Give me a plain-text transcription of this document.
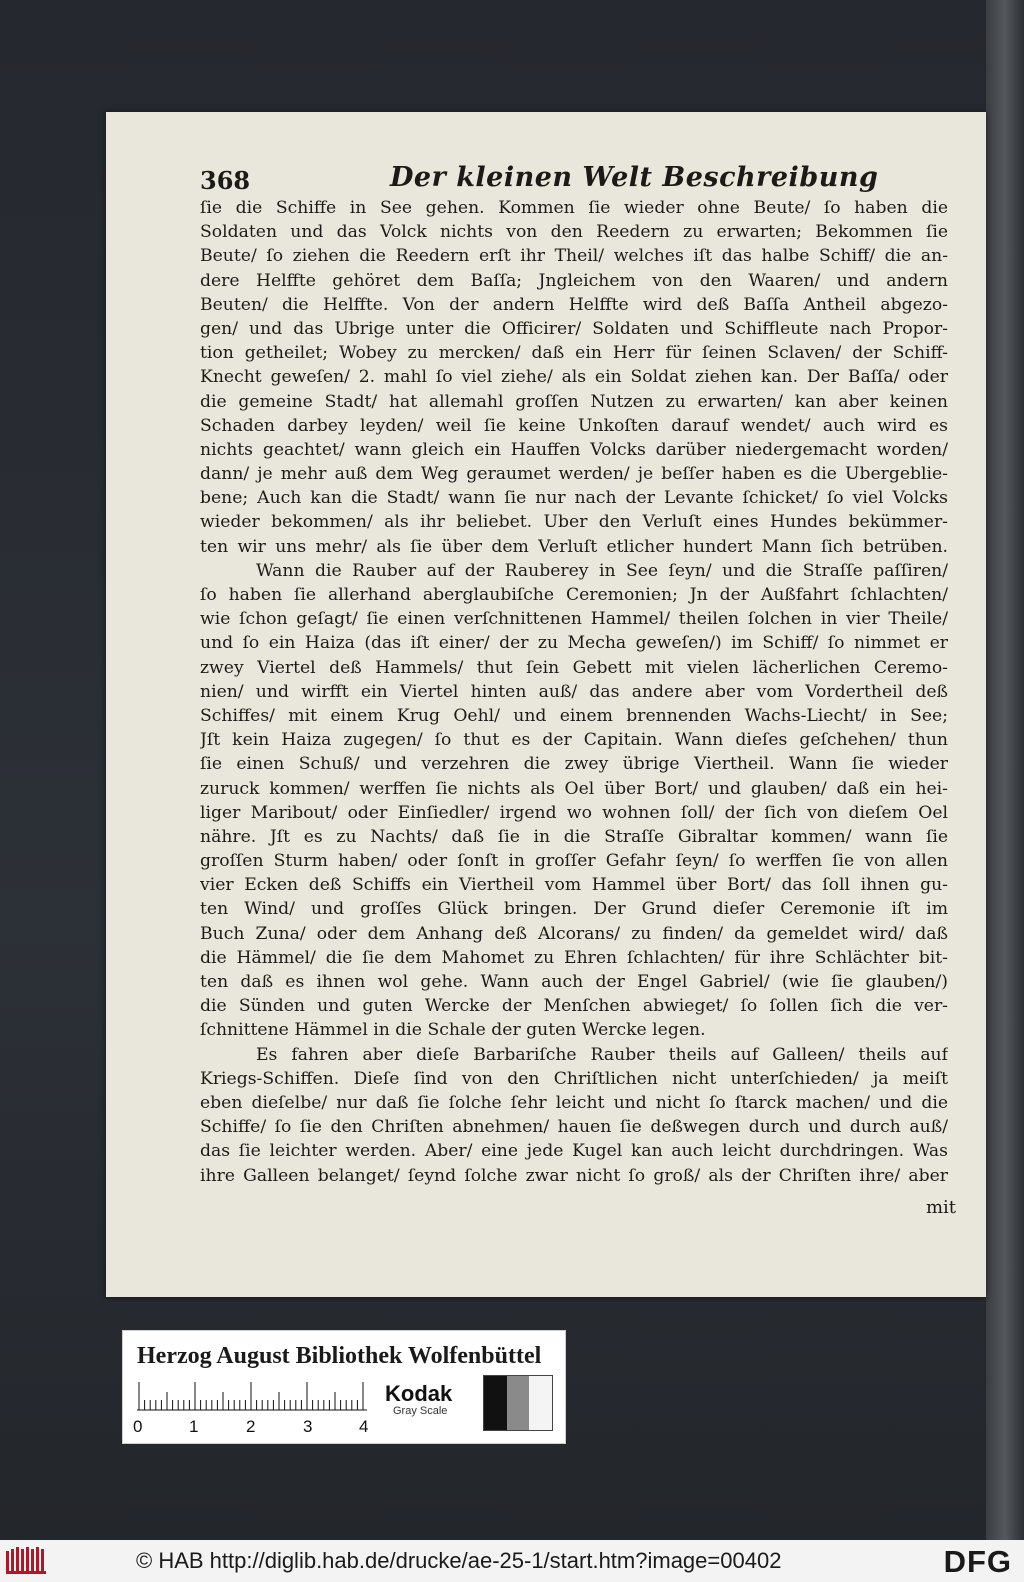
368	Der kleinen Welt Beschreibung
ſie die Schiffe in See gehen. Kommen ſie wieder ohne Beute/ ſo haben die
Soldaten und das Volck nichts von den Reedern zu erwarten; Bekommen ſie
Beute/ ſo ziehen die Reedern erſt ihr Theil/ welches iſt das halbe Schiff/ die an-
dere Helffte gehöret dem Baſſa; Jngleichem von den Waaren/ und andern
Beuten/ die Helffte. Von der andern Helffte wird deß Baſſa Antheil abgezo-
gen/ und das Ubrige unter die Officirer/ Soldaten und Schiffleute nach Propor-
tion getheilet; Wobey zu mercken/ daß ein Herr für ſeinen Sclaven/ der Schiff-
Knecht geweſen/ 2. mahl ſo viel ziehe/ als ein Soldat ziehen kan. Der Baſſa/ oder
die gemeine Stadt/ hat allemahl groſſen Nutzen zu erwarten/ kan aber keinen
Schaden darbey leyden/ weil ſie keine Unkoſten darauf wendet/ auch wird es
nichts geachtet/ wann gleich ein Hauffen Volcks darüber niedergemacht worden/
dann/ je mehr auß dem Weg geraumet werden/ je beſſer haben es die Ubergeblie-
bene; Auch kan die Stadt/ wann ſie nur nach der Levante ſchicket/ ſo viel Volcks
wieder bekommen/ als ihr beliebet. Uber den Verluſt eines Hundes bekümmer-
ten wir uns mehr/ als ſie über dem Verluſt etlicher hundert Mann ſich betrüben.
Wann die Rauber auf der Rauberey in See ſeyn/ und die Straſſe paſſiren/
ſo haben ſie allerhand aberglaubiſche Ceremonien; Jn der Außfahrt ſchlachten/
wie ſchon geſagt/ ſie einen verſchnittenen Hammel/ theilen ſolchen in vier Theile/
und ſo ein Haiza (das iſt einer/ der zu Mecha geweſen/) im Schiff/ ſo nimmet er
zwey Viertel deß Hammels/ thut ſein Gebett mit vielen lächerlichen Ceremo-
nien/ und wirfft ein Viertel hinten auß/ das andere aber vom Vordertheil deß
Schiffes/ mit einem Krug Oehl/ und einem brennenden Wachs-Liecht/ in See;
Jſt kein Haiza zugegen/ ſo thut es der Capitain. Wann dieſes geſchehen/ thun
ſie einen Schuß/ und verzehren die zwey übrige Viertheil. Wann ſie wieder
zuruck kommen/ werffen ſie nichts als Oel über Bort/ und glauben/ daß ein hei-
liger Maribout/ oder Einſiedler/ irgend wo wohnen ſoll/ der ſich von dieſem Oel
nähre. Jſt es zu Nachts/ daß ſie in die Straſſe Gibraltar kommen/ wann ſie
groſſen Sturm haben/ oder ſonſt in groſſer Gefahr ſeyn/ ſo werffen ſie von allen
vier Ecken deß Schiffs ein Viertheil vom Hammel über Bort/ das ſoll ihnen gu-
ten Wind/ und groſſes Glück bringen. Der Grund dieſer Ceremonie iſt im
Buch Zuna/ oder dem Anhang deß Alcorans/ zu finden/ da gemeldet wird/ daß
die Hämmel/ die ſie dem Mahomet zu Ehren ſchlachten/ für ihre Schlächter bit-
ten daß es ihnen wol gehe. Wann auch der Engel Gabriel/ (wie ſie glauben/)
die Sünden und guten Wercke der Menſchen abwieget/ ſo ſollen ſich die ver-
ſchnittene Hämmel in die Schale der guten Wercke legen.
Es fahren aber dieſe Barbariſche Rauber theils auf Galleen/ theils auf
Kriegs-Schiffen. Dieſe ſind von den Chriſtlichen nicht unterſchieden/ ja meiſt
eben dieſelbe/ nur daß ſie ſolche ſehr leicht und nicht ſo ſtarck machen/ und die
Schiffe/ ſo ſie den Chriſten abnehmen/ hauen ſie deßwegen durch und durch auß/
das ſie leichter werden. Aber/ eine jede Kugel kan auch leicht durchdringen. Was
ihre Galleen belanget/ ſeynd ſolche zwar nicht ſo groß/ als der Chriſten ihre/ aber
mit
Herzog August Bibliothek Wolfenbüttel
0	1	2	3	4
Kodak
Gray Scale
© HAB http://diglib.hab.de/drucke/ae-25-1/start.htm?image=00402	DFG
